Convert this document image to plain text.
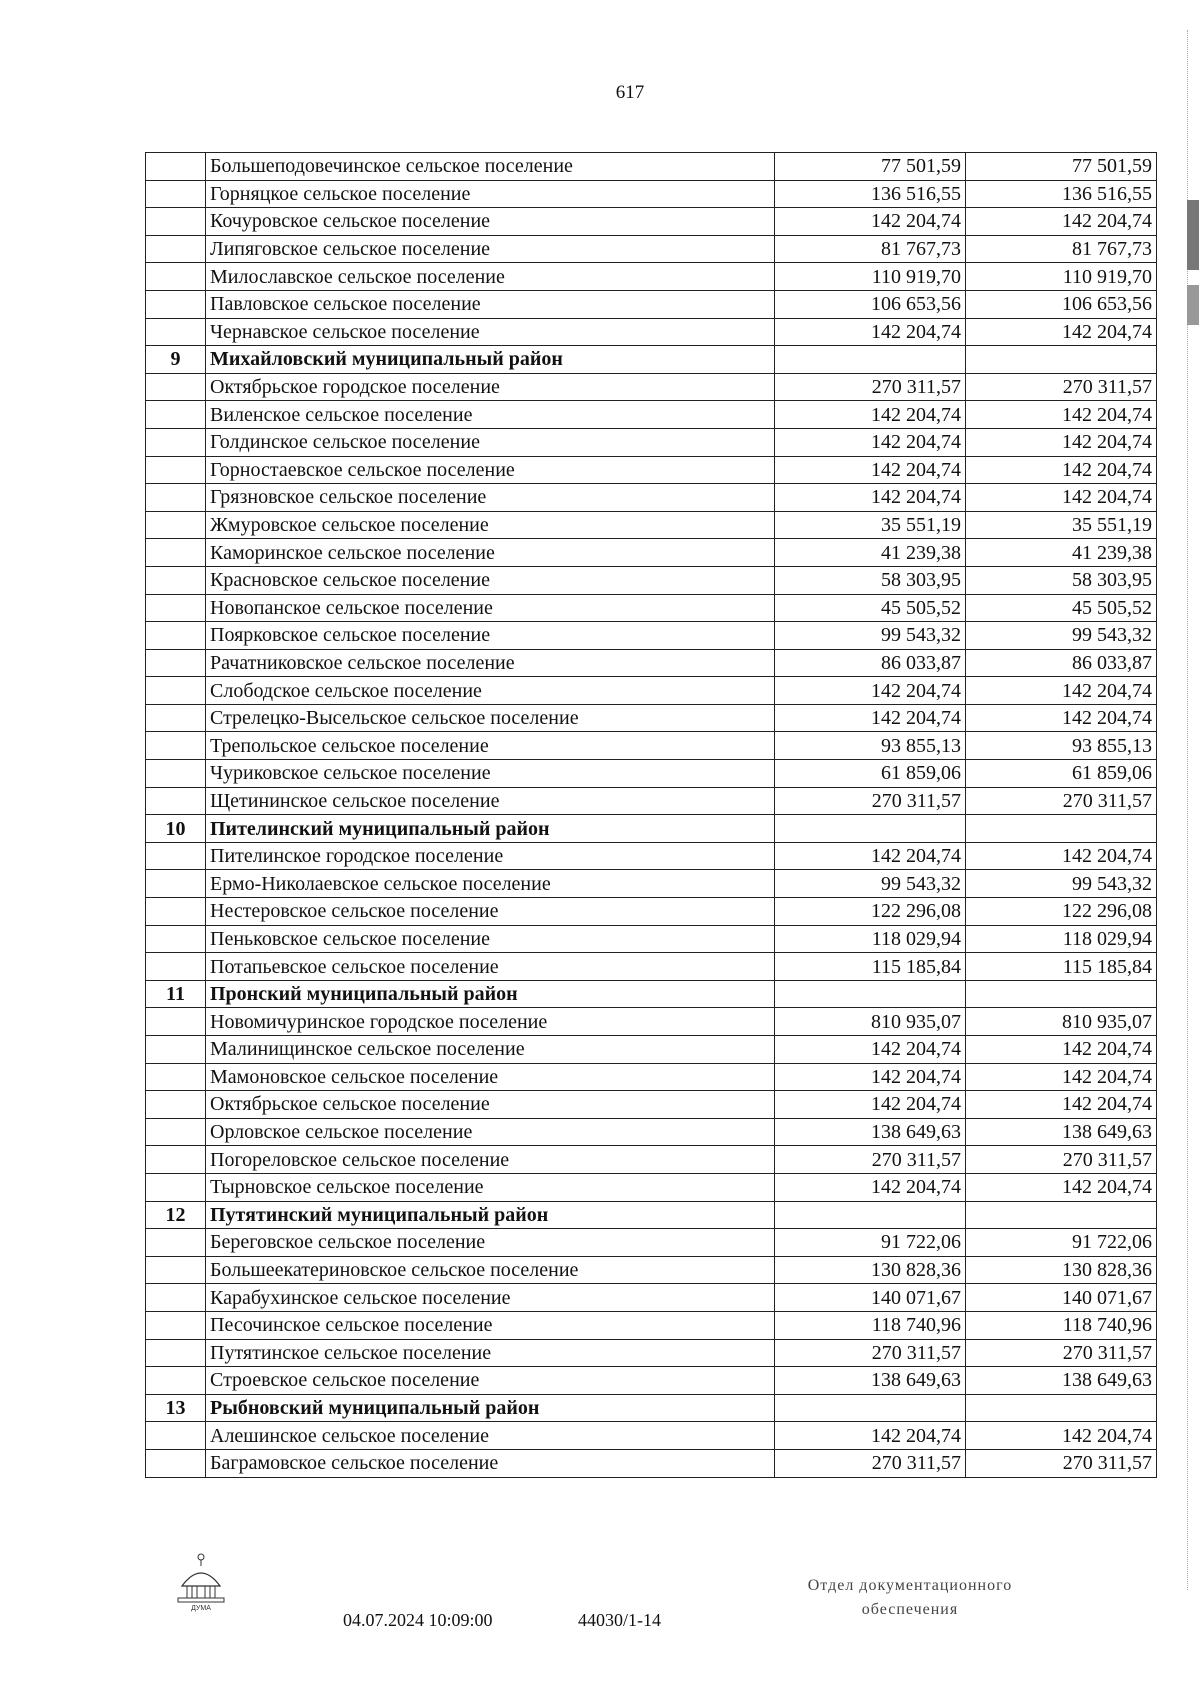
617
	Большеподовечинское сельское поселение	77 501,59	77 501,59
	Горняцкое сельское поселение	136 516,55	136 516,55
	Кочуровское сельское поселение	142 204,74	142 204,74
	Липяговское сельское поселение	81 767,73	81 767,73
	Милославское сельское поселение	110 919,70	110 919,70
	Павловское сельское поселение	106 653,56	106 653,56
	Чернавское сельское поселение	142 204,74	142 204,74
9	Михайловский муниципальный район		
	Октябрьское городское поселение	270 311,57	270 311,57
	Виленское сельское поселение	142 204,74	142 204,74
	Голдинское сельское поселение	142 204,74	142 204,74
	Горностаевское сельское поселение	142 204,74	142 204,74
	Грязновское сельское поселение	142 204,74	142 204,74
	Жмуровское сельское поселение	35 551,19	35 551,19
	Каморинское сельское поселение	41 239,38	41 239,38
	Красновское сельское поселение	58 303,95	58 303,95
	Новопанское сельское поселение	45 505,52	45 505,52
	Поярковское сельское поселение	99 543,32	99 543,32
	Рачатниковское сельское поселение	86 033,87	86 033,87
	Слободское сельское поселение	142 204,74	142 204,74
	Стрелецко-Высельское сельское поселение	142 204,74	142 204,74
	Трепольское сельское поселение	93 855,13	93 855,13
	Чуриковское сельское поселение	61 859,06	61 859,06
	Щетининское сельское поселение	270 311,57	270 311,57
10	Пителинский муниципальный район		
	Пителинское городское поселение	142 204,74	142 204,74
	Ермо-Николаевское сельское поселение	99 543,32	99 543,32
	Нестеровское сельское поселение	122 296,08	122 296,08
	Пеньковское сельское поселение	118 029,94	118 029,94
	Потапьевское сельское поселение	115 185,84	115 185,84
11	Пронский муниципальный район		
	Новомичуринское городское поселение	810 935,07	810 935,07
	Малинищинское сельское поселение	142 204,74	142 204,74
	Мамоновское сельское поселение	142 204,74	142 204,74
	Октябрьское сельское поселение	142 204,74	142 204,74
	Орловское сельское поселение	138 649,63	138 649,63
	Погореловское сельское поселение	270 311,57	270 311,57
	Тырновское сельское поселение	142 204,74	142 204,74
12	Путятинский муниципальный район		
	Береговское сельское поселение	91 722,06	91 722,06
	Большеекатериновское сельское поселение	130 828,36	130 828,36
	Карабухинское сельское поселение	140 071,67	140 071,67
	Песочинское сельское поселение	118 740,96	118 740,96
	Путятинское сельское поселение	270 311,57	270 311,57
	Строевское сельское поселение	138 649,63	138 649,63
13	Рыбновский муниципальный район		
	Алешинское сельское поселение	142 204,74	142 204,74
	Баграмовское сельское поселение	270 311,57	270 311,57
ДУМА
04.07.2024 10:09:00	44030/1-14
Отдел документационного
обеспечения
